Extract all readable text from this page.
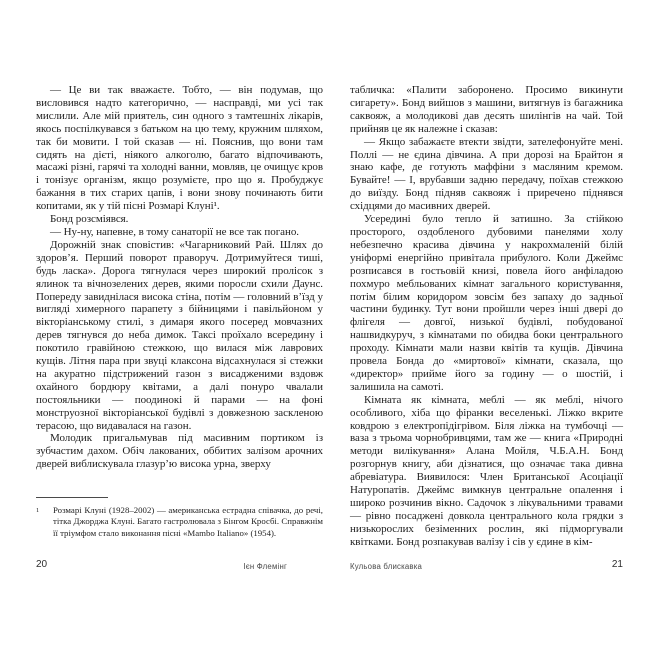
— Це ви так вважаєте. Тобто, — він подумав, що висловився надто категорично, — насправді, ми усі так мислили. Але мій приятель, син одного з тамтешніх лікарів, якось поспілкувався з батьком на цю тему, кружним шляхом, так би мовити. І той сказав — ні. Пояснив, що вони там сидять на дієті, ніякого алкоголю, багато відпочивають, масажі різні, гарячі та холодні ванни, мовляв, це очищує кров і тонізує організм, якщо розумієте, про що я. Пробуджує бажання в тих старих цапів, і вони знову починають бити копитами, як у тій пісні Розмарі Клуні¹.

Бонд розсміявся.

— Ну-ну, напевне, в тому санаторії не все так погано.

Дорожній знак сповістив: «Чагарниковий Рай. Шлях до здоров’я. Перший поворот праворуч. Дотримуйтеся тиші, будь ласка». Дорога тягнулася через широкий пролісок з ялинок та вічнозелених дерев, якими поросли схили Даунс. Попереду завиднілася висока стіна, потім — головний в’їзд у вигляді химерного парапету з бійницями і павільйоном у вікторіанському стилі, з димаря якого посеред мовчазних дерев тягнувся до неба димок. Таксі проїхало всередину і покотило гравійною стежкою, що вилася між лаврових кущів. Літня пара при звуці клаксона відсахнулася зі стежки на акуратно підстрижений газон з висадженими вздовж охайного бордюру квітами, а далі понуро чвалали постояльники — поодинокі й парами — на фоні монструозної вікторіанської будівлі з довжезною заскленою терасою, що видавалася на газон.

Молодик пригальмував під масивним портиком із зубчастим дахом. Обіч лакованих, оббитих залізом арочних дверей виблискувала глазур’ю висока урна, зверху

1	Розмарі Клуні (1928–2002) — американська естрадна співачка, до речі, тітка Джорджа Клуні. Багато гастролювала з Бінгом Кросбі. Справжнім її тріумфом стало виконання пісні «Mambo Italiano» (1954).

табличка: «Палити заборонено. Просимо викинути сигарету». Бонд вийшов з машини, витягнув із багажника саквояж, а молодикові дав десять шилінгів на чай. Той прийняв це як належне і сказав:

— Якщо забажаєте втекти звідти, зателефонуйте мені. Поллі — не єдина дівчина. А при дорозі на Брайтон я знаю кафе, де готують маффіни з масляним кремом. Бувайте! — І, врубавши задню передачу, поїхав стежкою до виїзду. Бонд підняв саквояж і приречено піднявся східцями до масивних дверей.

Усередині було тепло й затишно. За стійкою просторого, оздобленого дубовими панелями холу небезпечно красива дівчина у накрохмаленій білій уніформі енергійно привітала прибулого. Коли Джеймс розписався в гостьовій книзі, повела його анфіладою похмуро мебльованих кімнат загального користування, потім білим коридором зовсім без запаху до задньої частини будинку. Тут вони пройшли через інші двері до флігеля — довгої, низької будівлі, побудованої нашвидкуруч, з кімнатами по обидва боки центрального проходу. Кімнати мали назви квітів та кущів. Дівчина провела Бонда до «миртової» кімнати, сказала, що «директор» прийме його за годину — о шостій, і залишила на самоті.

Кімната як кімната, меблі — як меблі, нічого особливого, хіба що фіранки веселенькі. Ліжко вкрите ковдрою з електропідігрівом. Біля ліжка на тумбочці — ваза з трьома чорнобривцями, там же — книга «Природні методи вилікування» Алана Мойля, Ч.Б.А.Н. Бонд розгорнув книгу, аби дізнатися, що означає така дивна абревіатура. Виявилося: Член Британської Асоціації Натуропатів. Джеймс вимкнув центральне опалення і широко розчинив вікно. Садочок з лікувальними травами — рівно посаджені довкола центрального кола грядки з низькорослих безіменних рослин, які підморгували квітками. Бонд розпакував валізу і сів у єдине в кім-

20	Ієн Флемінг	Кульова блискавка	21
